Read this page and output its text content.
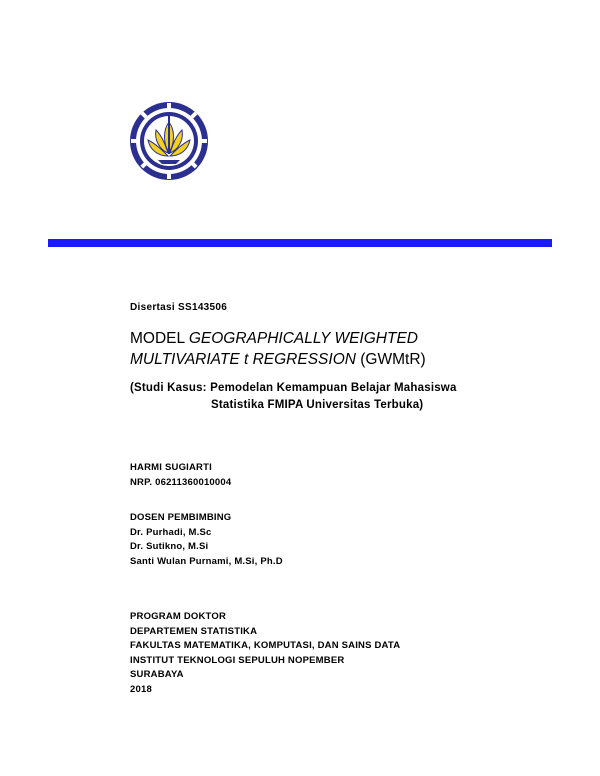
Disertasi SS143506
MODEL GEOGRAPHICALLY WEIGHTED
MULTIVARIATE t REGRESSION (GWMtR)
(Studi Kasus: Pemodelan Kemampuan Belajar Mahasiswa
Statistika FMIPA Universitas Terbuka)
HARMI SUGIARTI
NRP. 06211360010004
DOSEN PEMBIMBING
Dr. Purhadi, M.Sc
Dr. Sutikno, M.Si
Santi Wulan Purnami, M.Si, Ph.D
PROGRAM DOKTOR
DEPARTEMEN STATISTIKA
FAKULTAS MATEMATIKA, KOMPUTASI, DAN SAINS DATA
INSTITUT TEKNOLOGI SEPULUH NOPEMBER
SURABAYA
2018
